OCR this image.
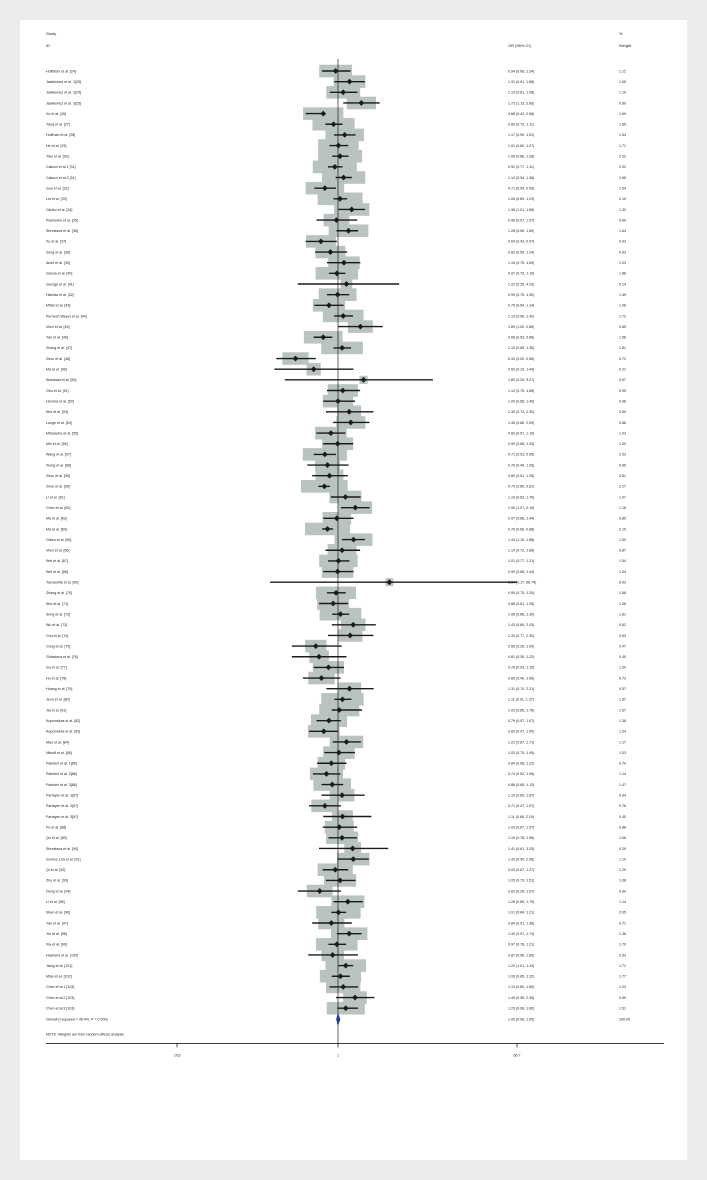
Study
ID	OR (95% CI)
%
Weight
Hoffstein et al. [24]	0.94 (0.66, 1.34)	1.12
Jaskiewicz et al. 1[25]	1.31 (0.91, 1.88)	1.05
Jaskiewicz et al. 2[25]	1.13 (0.81, 1.58)	1.19
Jaskiewicz et al. 3[25]	1.73 (1.13, 2.66)	0.89
Xu et al. [26]	0.68 (0.43, 0.68)	1.69
Yang et al. [27]	0.89 (0.72, 1.11)	1.85
Hoffman et al. [28]	1.17 (0.90, 1.51)	1.54
He et al. [29]	1.01 (0.80, 1.27)	1.71
Tian et al. [30]	1.05 (0.86, 1.28)	2.02
Calucci et al.1 [31]	0.92 (0.77, 1.11)	2.02
Calucci et al.2 [31]	1.14 (0.94, 1.38)	1.95
Guo et al. [32]	0.71 (0.54, 0.95)	1.54
Liu et al. [33]	1.05 (0.89, 1.24)	2.10
Okubo et al. [34]	1.38 (1.01, 1.89)	1.30
Pastorello et al. [35]	0.96 (0.57, 1.57)	0.69
Shrestava et al. [36]	1.28 (0.96, 1.60)	1.64
Xu et al. [37]	0.64 (0.43, 0.97)	0.93
Zeng et al. [38]	0.82 (0.55, 1.24)	0.93
Amiri et al. [39]	1.15 (0.75, 1.69)	1.03
Garcia et al. [40]	0.97 (0.79, 1.19)	1.88
George et al. [41]	1.22 (0.35, 4.20)	0.14
Hishida et al. [42]	0.99 (0.75, 1.30)	1.49
Mittal et al. [43]	0.79 (0.54, 1.14)	1.08
Pernech-Weyer et al. [44]	1.13 (0.90, 1.42)	1.72
Vinci et al. [45]	1.69 (1.00, 2.86)	0.65
Yan et al. [46]	0.68 (0.53, 0.86)	1.56
Zhang et al. [47]	1.10 (0.89, 1.36)	1.81
Zhou et al. [48]	0.33 (0.20, 0.56)	0.72
Ma et al. [49]	0.53 (0.19, 1.44)	0.21
Alshalaal et al. [50]	1.82 (0.25, 9.27)	0.07
Ohu et al. [51]	1.12 (0.75, 1.68)	0.95
Herrera et al. [52]	1.00 (0.68, 1.49)	0.96
Kim et al. [53]	1.30 (0.73, 2.30)	0.59
Lunge et al. [54]	1.35 (0.88, 2.09)	0.88
Mihalache et al. [55]	0.83 (0.57, 1.19)	1.03
Min et al. [56]	0.99 (0.68, 1.43)	1.00
Wang et al. [57]	0.71 (0.53, 0.95)	2.03
Xiong et al. [58]	0.76 (0.45, 1.28)	0.65
Zhou et al. [59]	0.80 (0.51, 1.26)	0.81
Zhou et al. [60]	0.70 (0.60, 0.81)	2.27
Li et al. [61]	1.19 (0.83, 1.70)	1.07
Chen et al. [62]	1.50 (1.07, 2.10)	1.18
Ma et al. [63]	0.97 (0.68, 1.44)	0.85
Ma et al. [64]	0.76 (0.66, 0.88)	2.10
Ortiza et al. [65]	1.44 (1.10, 1.88)	1.50
Vinci et al. [66]	1.10 (0.72, 1.68)	0.87
Wei et al. [67]	1.01 (0.77, 1.31)	1.54
Wei et al. [68]	0.99 (0.68, 1.44)	1.04
Yamashita et al. [69]	3.34 (0.17, 66.74)	0.03
Zhang et al. [70]	0.95 (0.75, 1.20)	1.66
Ahn et al. [71]	0.88 (0.61, 1.26)	1.06
Song et al. [72]	1.06 (0.86, 1.30)	1.81
Wu et al. [73]	1.43 (0.85, 2.43)	0.62
Chu et al. [74]	1.33 (0.77, 2.30)	0.63
Cong et al. [75]	0.56 (0.30, 1.09)	0.47
Ghisalaca et al. [76]	0.61 (0.30, 1.22)	0.40
Gu et al. [77]	0.78 (0.53, 1.15)	1.00
Hu et al. [78]	0.65 (0.40, 1.06)	0.73
Huang et al. [79]	1.31 (0.74, 2.31)	0.57
Jeon et al. [80]	1.11 (0.91, 1.37)	1.87
Jia et al. [81]	1.03 (0.85, 1.76)	1.67
Kupcinskas et al. [82]	0.79 (0.57, 1.07)	1.36
Kupcinskas et al. [83]	0.69 (0.47, 1.00)	1.04
Mao et al. [84]	1.22 (0.87, 1.71)	1.17
Nilsoff et al. [85]	1.02 (0.70, 1.49)	1.03
Palmieri et al. 1[86]	0.84 (0.58, 1.22)	0.79
Palmieri et al. 2[86]	0.74 (0.52, 1.06)	1.14
Palmieri et al. 3[86]	0.86 (0.65, 1.13)	1.47
Partayen et al. 1[87]	1.10 (0.65, 1.87)	0.64
Partayen et al. 2[87]	0.71 (0.47, 1.07)	0.76
Partayen et al. 3[87]	1.11 (0.68, 2.19)	0.45
Pu et al. [88]	1.03 (0.67, 1.57)	0.88
Qu et al. [89]	1.10 (0.78, 1.56)	1.06
Shrestava et al. [90]	1.41 (0.61, 3.25)	0.29
Gomez-Lira et al. [91]	1.43 (0.99, 2.06)	1.10
Qi et al. [92]	0.93 (0.67, 1.27)	1.29
Zhu et al. [93]	1.05 (0.73, 1.51)	1.08
Deng et al. [94]	0.62 (0.35, 1.07)	0.69
Li et al. [95]	1.26 (0.89, 1.79)	1.14
Shen et al. [96]	1.01 (0.84, 1.21)	2.05
Yan et al. [97]	0.84 (0.51, 1.38)	0.71
Yin et al. [98]	1.30 (0.97, 1.74)	1.38
Xia et al. [99]	0.97 (0.78, 1.21)	1.79
Hashemi et al. [100]	0.87 (0.46, 1.60)	0.53
Jiang et al. [101]	1.20 (1.01, 1.43)	1.71
Miao et al. [102]	1.06 (0.85, 1.32)	1.77
Chen et al.1 [103]	1.13 (0.80, 1.60)	1.23
Chen et al.2 [103]	1.49 (0.95, 2.35)	0.59
Chen et al.3 [103]	1.20 (0.98, 1.60)	1.51
Overall (I-squared = 45.4%, P = 0.000)	1.00 (0.96, 1.05)	100.00
NOTE: Weights are from random effects analysis
.015	1	66.7
